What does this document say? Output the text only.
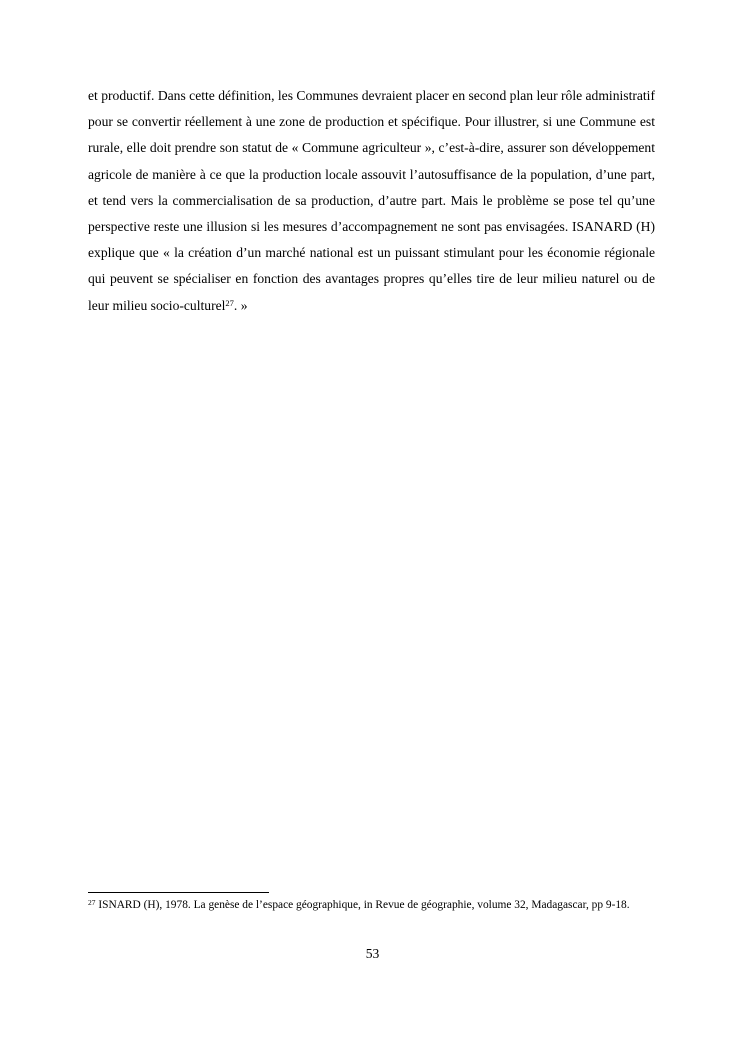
et productif. Dans cette définition, les Communes devraient placer en second plan leur rôle administratif pour se convertir réellement à une zone de production et spécifique. Pour illustrer, si une Commune est rurale, elle doit prendre son statut de « Commune agriculteur », c’est-à-dire, assurer son développement agricole de manière à ce que la production locale assouvit l’autosuffisance de la population, d’une part, et tend vers la commercialisation de sa production, d’autre part. Mais le problème se pose tel qu’une perspective reste une illusion si les mesures d’accompagnement ne sont pas envisagées. ISANARD (H) explique que « la création d’un marché national est un puissant stimulant pour les économie régionale qui peuvent se spécialiser en fonction des avantages propres qu’elles tire de leur milieu naturel ou de leur milieu socio-culturel$^{27}$. »

$^{27}$ ISNARD (H), 1978. La genèse de l’espace géographique, in Revue de géographie, volume 32, Madagascar, pp 9-18.

53
